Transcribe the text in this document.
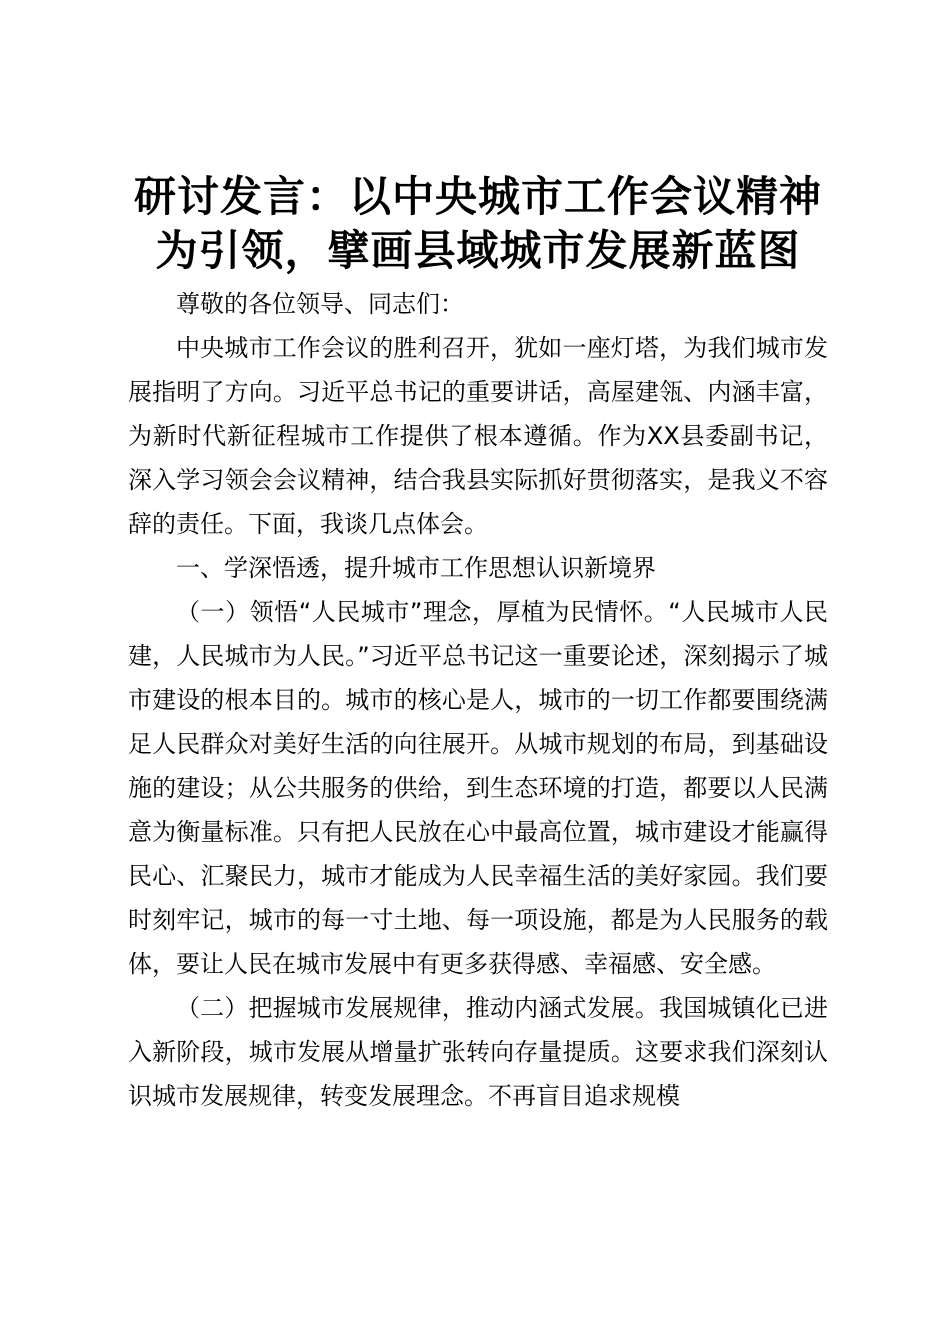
研讨发言：以中央城市工作会议精神为引领，擘画县域城市发展新蓝图

尊敬的各位领导、同志们：

中央城市工作会议的胜利召开，犹如一座灯塔，为我们城市发展指明了方向。习近平总书记的重要讲话，高屋建瓴、内涵丰富，为新时代新征程城市工作提供了根本遵循。作为XX县委副书记，深入学习领会会议精神，结合我县实际抓好贯彻落实，是我义不容辞的责任。下面，我谈几点体会。

一、学深悟透，提升城市工作思想认识新境界

（一）领悟“人民城市”理念，厚植为民情怀。“人民城市人民建，人民城市为人民。”习近平总书记这一重要论述，深刻揭示了城市建设的根本目的。城市的核心是人，城市的一切工作都要围绕满足人民群众对美好生活的向往展开。从城市规划的布局，到基础设施的建设；从公共服务的供给，到生态环境的打造，都要以人民满意为衡量标准。只有把人民放在心中最高位置，城市建设才能赢得民心、汇聚民力，城市才能成为人民幸福生活的美好家园。我们要时刻牢记，城市的每一寸土地、每一项设施，都是为人民服务的载体，要让人民在城市发展中有更多获得感、幸福感、安全感。

（二）把握城市发展规律，推动内涵式发展。我国城镇化已进入新阶段，城市发展从增量扩张转向存量提质。这要求我们深刻认识城市发展规律，转变发展理念。不再盲目追求规模
